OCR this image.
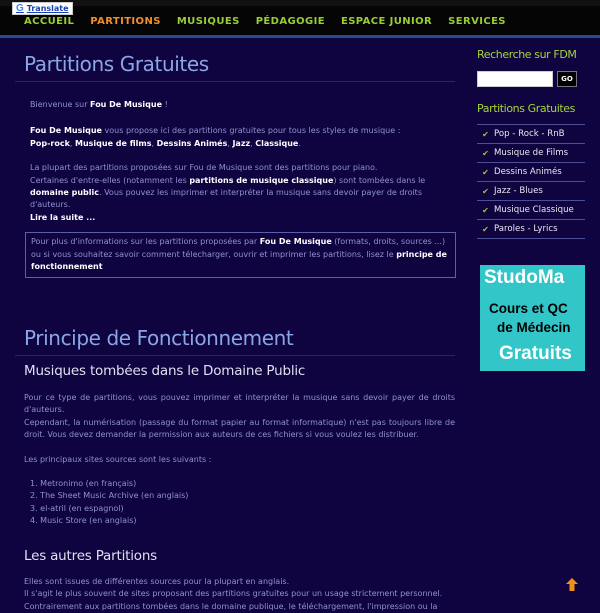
G Translate
ACCUEIL PARTITIONS MUSIQUES PÉDAGOGIE ESPACE JUNIOR SERVICES
Partitions Gratuites

Bienvenue sur Fou De Musique !

Fou De Musique vous propose ici des partitions gratuites pour tous les styles de musique :
Pop-rock, Musique de films, Dessins Animés, Jazz, Classique.

La plupart des partitions proposées sur Fou de Musique sont des partitions pour piano.
Certaines d'entre-elles (notamment les partitions de musique classique) sont tombées dans le domaine public. Vous pouvez les imprimer et interpréter la musique sans devoir payer de droits d'auteurs.
Lire la suite ...

Pour plus d'informations sur les partitions proposées par Fou De Musique (formats, droits, sources ...) ou si vous souhaitez savoir comment télecharger, ouvrir et imprimer les partitions, lisez le principe de fonctionnement
Principe de Fonctionnement
Musiques tombées dans le Domaine Public

Pour ce type de partitions, vous pouvez imprimer et interpréter la musique sans devoir payer de droits d'auteurs.
Cependant, la numérisation (passage du format papier au format informatique) n'est pas toujours libre de droit. Vous devez demander la permission aux auteurs de ces fichiers si vous voulez les distribuer.

Les principaux sites sources sont les suivants :

1. Metronimo (en français)
2. The Sheet Music Archive (en anglais)
3. el-atril (en espagnol)
4. Music Store (en anglais)
Les autres Partitions

Elles sont issues de différentes sources pour la plupart en anglais.
Il s'agit le plus souvent de sites proposant des partitions gratuites pour un usage strictement personnel.
Contrairement aux partitions tombées dans le domaine publique, le téléchargement, l'impression ou la

Recherche sur FDM
GO
Partitions Gratuites
✔ Pop - Rock - RnB
✔ Musique de Films
✔ Dessins Animés
✔ Jazz - Blues
✔ Musique Classique
✔ Paroles - Lyrics
StudoMa
Cours et QC
de Médecin
Gratuits
